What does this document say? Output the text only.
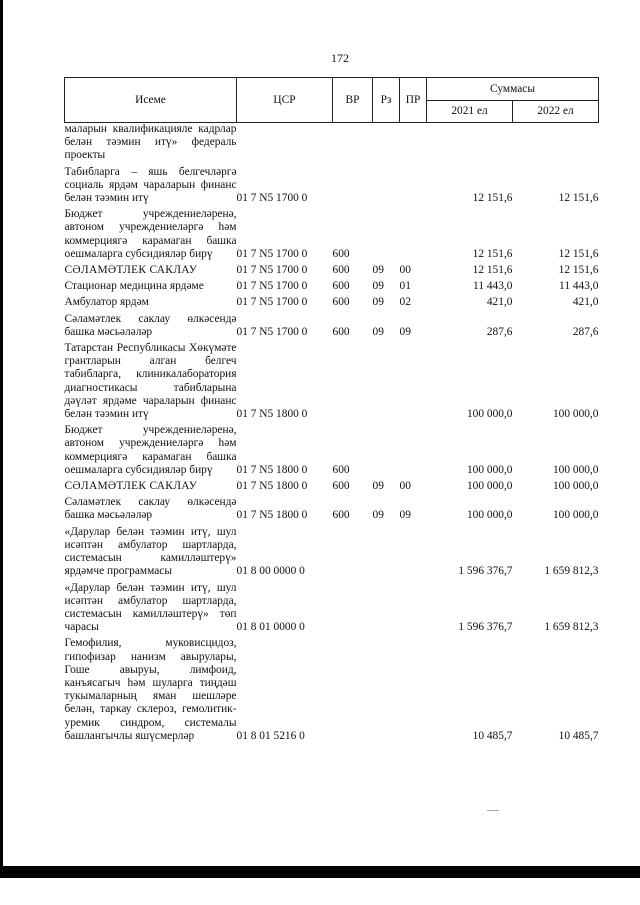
172
Исеме	ЦСР	ВР	Рз	ПР	Суммасы	
					2021 ел	2022 ел
маларын квалификацияле кадрлар белән тәэмин итү» федераль проекты						
Табибларга – яшь белгечләргә социаль ярдәм чараларын финанс белән тәэмин итү	01 7 N5 1700 0				12 151,6	12 151,6
Бюджет учреждениеләренә, автоном учреждениеләргә һәм коммерциягә карамаган башка оешмаларга субсидияләр бирү	01 7 N5 1700 0	600			12 151,6	12 151,6
СӘЛАМӘТЛЕК САКЛАУ	01 7 N5 1700 0	600	09	00	12 151,6	12 151,6
Стационар медицина ярдәме	01 7 N5 1700 0	600	09	01	11 443,0	11 443,0
Амбулатор ярдәм	01 7 N5 1700 0	600	09	02	421,0	421,0
Сәламәтлек саклау өлкәсендә башка мәсьәләләр	01 7 N5 1700 0	600	09	09	287,6	287,6
Татарстан Республикасы Хөкүмәте грантларын алган белгеч табибларга, клиникалаборатория диагностикасы табибларына дәүләт ярдәме чараларын финанс белән тәэмин итү	01 7 N5 1800 0				100 000,0	100 000,0
Бюджет учреждениеләренә, автоном учреждениеләргә һәм коммерциягә карамаган башка оешмаларга субсидияләр бирү	01 7 N5 1800 0	600			100 000,0	100 000,0
СӘЛАМӘТЛЕК САКЛАУ	01 7 N5 1800 0	600	09	00	100 000,0	100 000,0
Сәламәтлек саклау өлкәсендә башка мәсьәләләр	01 7 N5 1800 0	600	09	09	100 000,0	100 000,0
«Дарулар белән тәэмин итү, шул исәптән амбулатор шартларда, системасын камилләштерү» ярдәмче программасы	01 8 00 0000 0				1 596 376,7	1 659 812,3
«Дарулар белән тәэмин итү, шул исәптән амбулатор шартларда, системасын камилләштерү» төп чарасы	01 8 01 0000 0				1 596 376,7	1 659 812,3
Гемофилия, муковисцидоз, гипофизар нанизм авырулары, Гоше авыруы, лимфоид, канъясагыч һәм шуларга тиңдәш тукымаларның яман шешләре белән, таркау склероз, гемолитик-уремик синдром, системалы башлангычлы яшүсмерләр	01 8 01 5216 0				10 485,7	10 485,7
